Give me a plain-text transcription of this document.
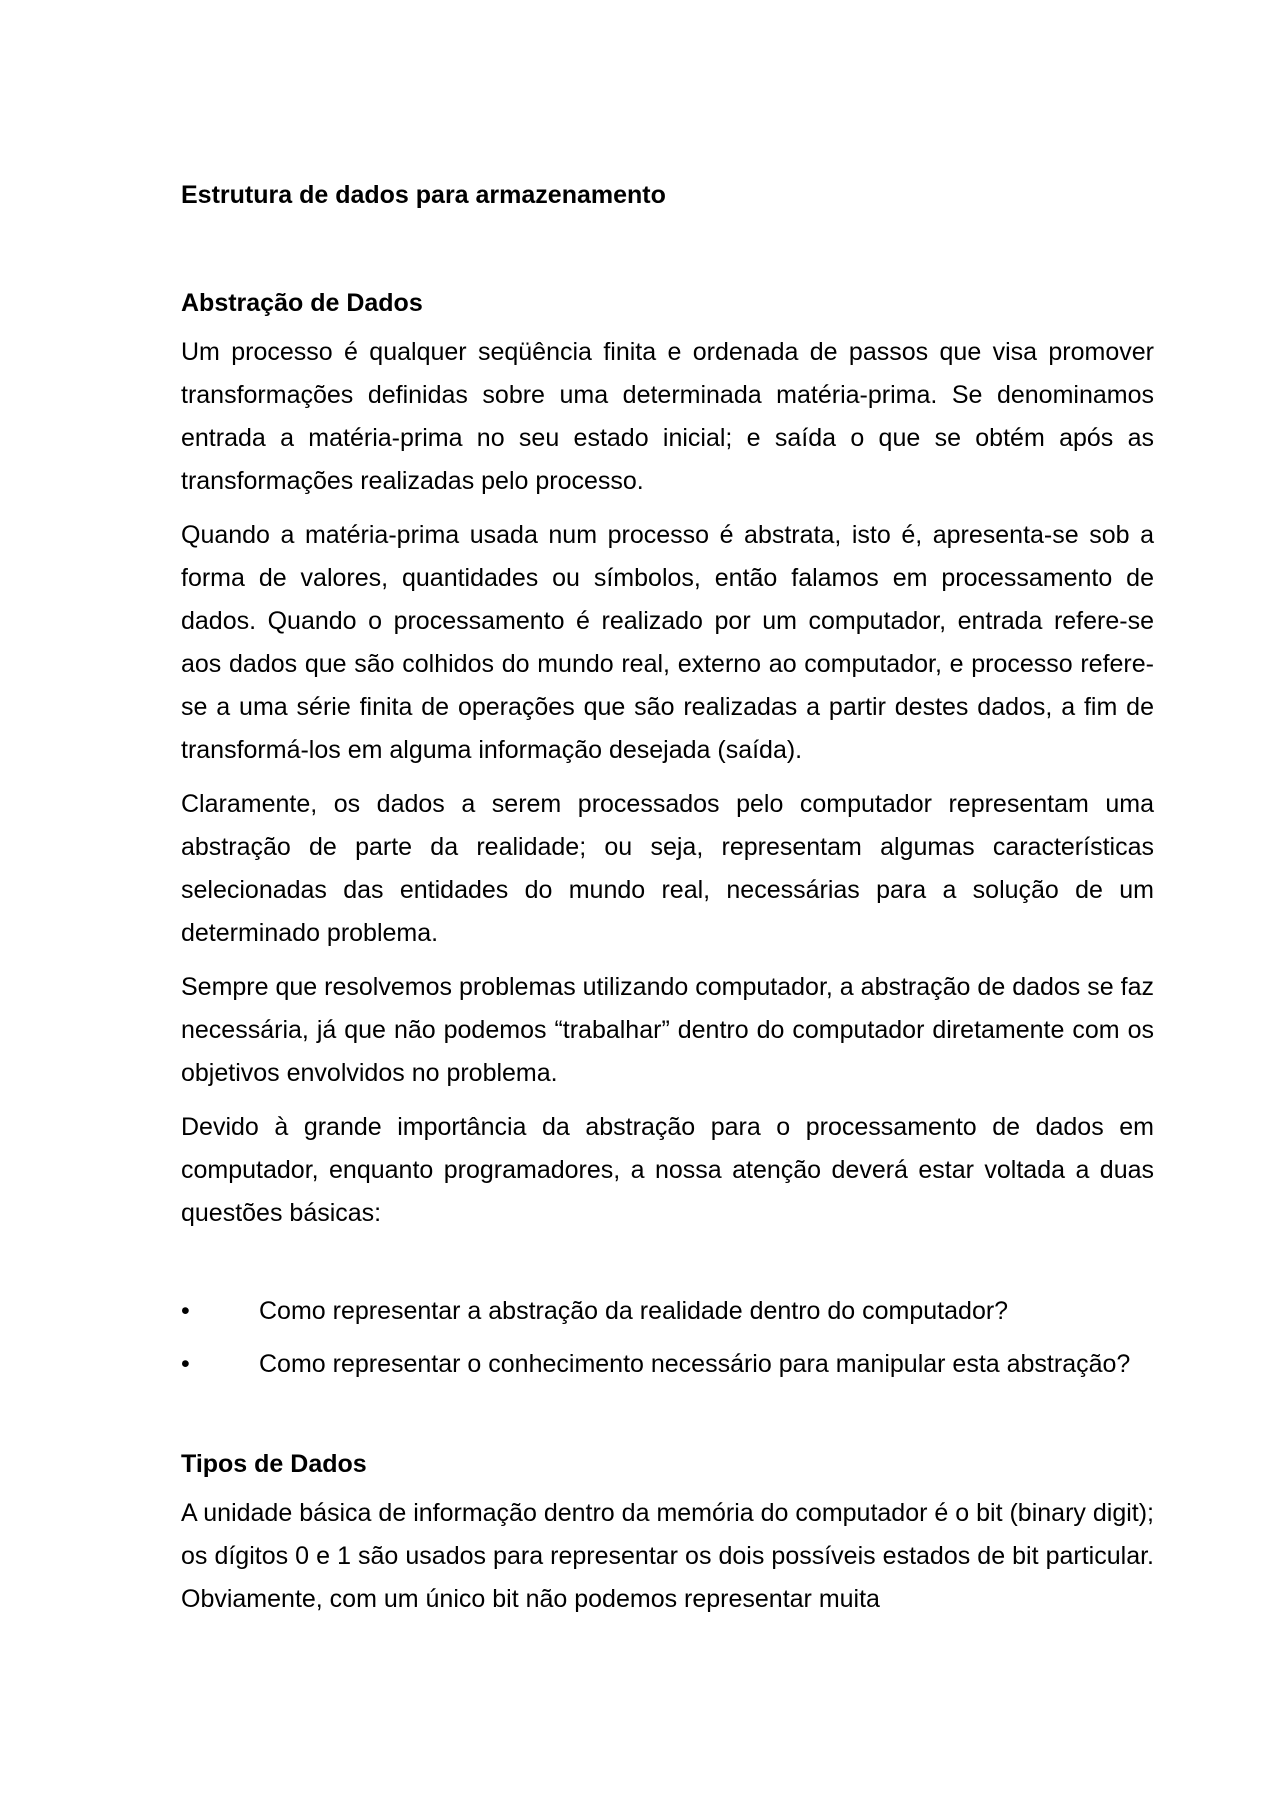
Estrutura de dados para armazenamento
Abstração de Dados

Um processo é qualquer seqüência finita e ordenada de passos que visa promover transformações definidas sobre uma determinada matéria-prima. Se denominamos entrada a matéria-prima no seu estado inicial; e saída o que se obtém após as transformações realizadas pelo processo.

Quando a matéria-prima usada num processo é abstrata, isto é, apresenta-se sob a forma de valores, quantidades ou símbolos, então falamos em processamento de dados. Quando o processamento é realizado por um computador, entrada refere-se aos dados que são colhidos do mundo real, externo ao computador, e processo refere-se a uma série finita de operações que são realizadas a partir destes dados, a fim de transformá-los em alguma informação desejada (saída).

Claramente, os dados a serem processados pelo computador representam uma abstração de parte da realidade; ou seja, representam algumas características selecionadas das entidades do mundo real, necessárias para a solução de um determinado problema.

Sempre que resolvemos problemas utilizando computador, a abstração de dados se faz necessária, já que não podemos “trabalhar” dentro do computador diretamente com os objetivos envolvidos no problema.

Devido à grande importância da abstração para o processamento de dados em computador, enquanto programadores, a nossa atenção deverá estar voltada a duas questões básicas:

•	Como representar a abstração da realidade dentro do computador?
•	Como representar o conhecimento necessário para manipular esta abstração?
Tipos de Dados

A unidade básica de informação dentro da memória do computador é o bit (binary digit); os dígitos 0 e 1 são usados para representar os dois possíveis estados de bit particular. Obviamente, com um único bit não podemos representar muita
